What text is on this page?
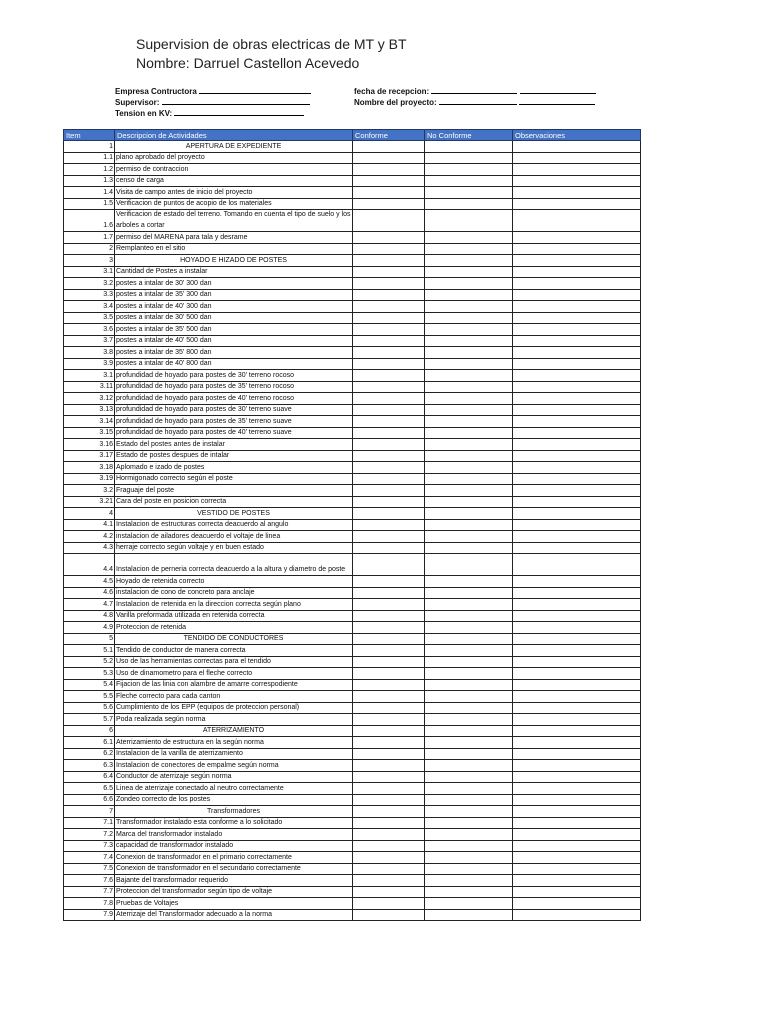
Supervision de obras electricas de MT y BT
Nombre: Darruel Castellon Acevedo
Empresa Contructora
Supervisor:
Tension en KV:
fecha de recepcion:
Nombre del proyecto:
Item	Descripcion de Actividades	Conforme	No Conforme	Observaciones
1	APERTURA DE EXPEDIENTE			
1.1	plano aprobado del proyecto			
1.2	permiso de contraccion			
1.3	censo de carga			
1.4	Visita de campo antes de inicio del proyecto			
1.5	Verificacion de puntos de acopio de los materiales			
1.6	Verificacion de estado del terreno. Tomando en cuenta el tipo de suelo y los arboles a cortar			
1.7	permiso del MARENA para tala y desrame			
2	Remplanteo en el sitio			
3	HOYADO E HIZADO DE POSTES			
3.1	Cantidad de Postes a instalar			
3.2	postes a intalar de 30' 300 dan			
3.3	postes a intalar de 35' 300 dan			
3.4	postes a intalar de 40' 300 dan			
3.5	postes a intalar de 30' 500 dan			
3.6	postes a intalar de 35' 500 dan			
3.7	postes a intalar de 40' 500 dan			
3.8	postes a intalar de 35' 800 dan			
3.9	postes a intalar de 40' 800 dan			
3.1	profundidad de hoyado para postes de 30' terreno rocoso			
3.11	profundidad de hoyado para postes de 35' terreno rocoso			
3.12	profundidad de hoyado para postes de 40' terreno rocoso			
3.13	profundidad de hoyado para postes de 30' terreno suave			
3.14	profundidad de hoyado para postes de 35' terreno suave			
3.15	profundidad de hoyado para postes de 40' terreno suave			
3.16	Estado del postes antes de instalar			
3.17	Estado de postes despues de intalar			
3.18	Aplomado e izado de postes			
3.19	Hormigonado correcto según el poste			
3.2	Fraguaje del poste			
3.21	Cara del poste en posicion correcta			
4	VESTIDO DE POSTES			
4.1	Instalacion de estructuras correcta deacuerdo al angulo			
4.2	instalacion de ailadores deacuerdo el voltaje de linea			
4.3	herraje correcto según voltaje y en buen estado			
4.4	Instalacion de perneria correcta deacuerdo a la altura y diametro de poste			
4.5	Hoyado de retenida correcto			
4.6	instalacion de cono de concreto para anclaje			
4.7	Instalacion de retenida en la direccion correcta según plano			
4.8	Varilla preformada utilizada en retenida correcta			
4.9	Proteccion de retenida			
5	TENDIDO DE CONDUCTORES			
5.1	Tendido de conductor de manera correcta			
5.2	Uso de las herramientas correctas para el tendido			
5.3	Uso de dinamometro para el fleche correcto			
5.4	Fijacion de las linia con alambre de amarre correspodiente			
5.5	Fleche correcto para cada canton			
5.6	Cumplimiento de los EPP (equipos de proteccion personal)			
5.7	Poda realizada según norma			
6	ATERRIZAMIENTO			
6.1	Aterrizamiento de estructura en la según norma			
6.2	Instalacion de la varilla de aterrizamiento			
6.3	Instalacion de conectores de empalme según norma			
6.4	Conductor de aterrizaje según norma			
6.5	Linea de aterrizaje conectado al neutro correctamente			
6.6	Zondeo correcto de los postes			
7	Transformadores			
7.1	Transformador instalado esta conforme a lo solicitado			
7.2	Marca del transformador instalado			
7.3	capacidad de transformador instalado			
7.4	Conexion de transformador en el primario correctamente			
7.5	Conexion de transformador en el secundario correctamente			
7.6	Bajante del transformador requerido			
7.7	Proteccion del transformador según tipo de voltaje			
7.8	Pruebas de Voltajes			
7.9	Aterrizaje del Transformador adecuado a la norma			
